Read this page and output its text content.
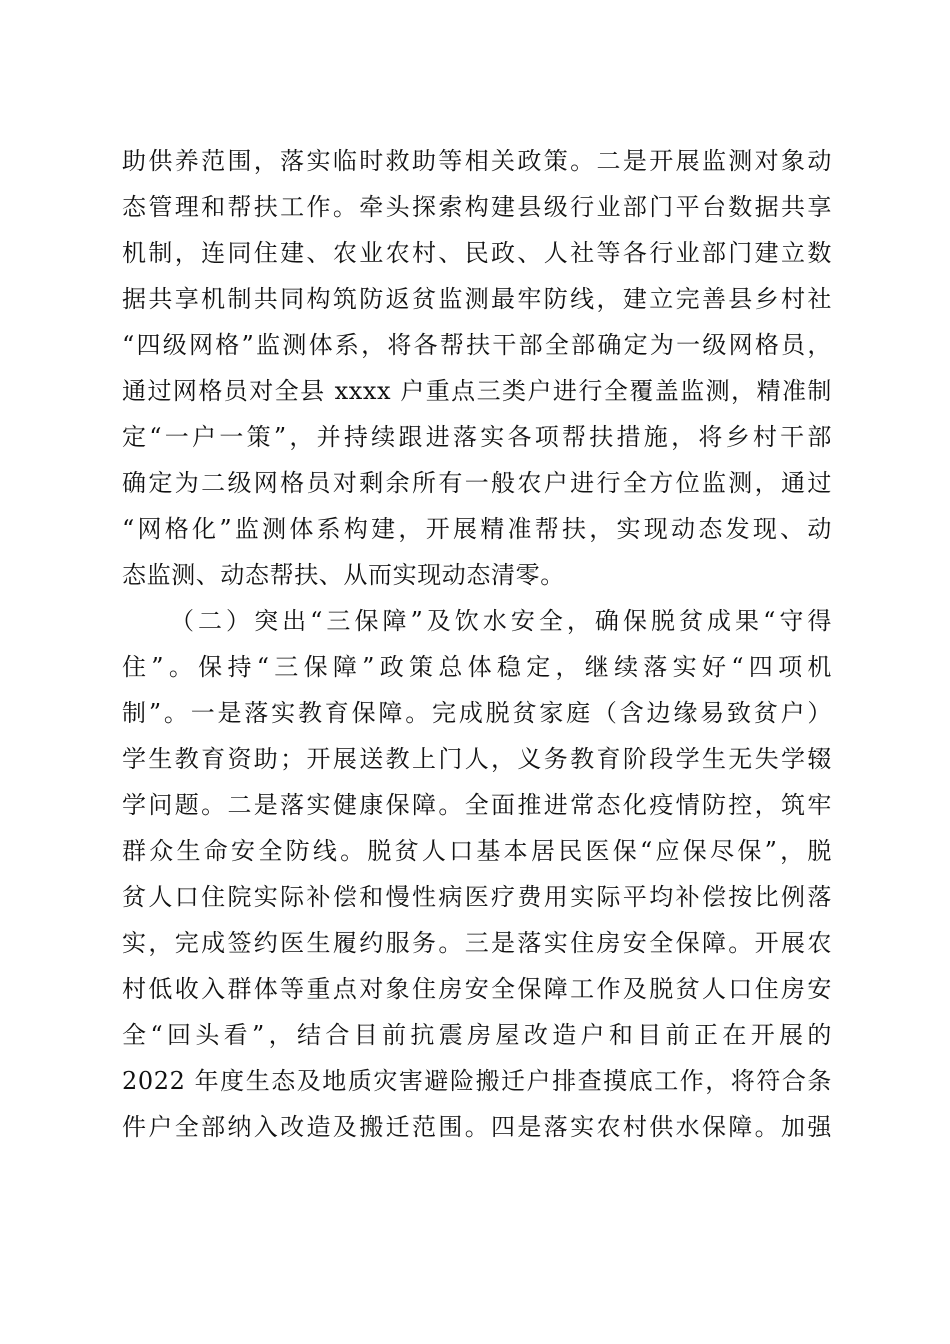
助供养范围，落实临时救助等相关政策。二是开展监测对象动
态管理和帮扶工作。牵头探索构建县级行业部门平台数据共享
机制，连同住建、农业农村、民政、人社等各行业部门建立数
据共享机制共同构筑防返贫监测最牢防线，建立完善县乡村社
“四级网格”监测体系，将各帮扶干部全部确定为一级网格员，
通过网格员对全县 xxxx 户重点三类户进行全覆盖监测，精准制
定“一户一策”，并持续跟进落实各项帮扶措施，将乡村干部
确定为二级网格员对剩余所有一般农户进行全方位监测，通过
“网格化”监测体系构建，开展精准帮扶，实现动态发现、动
态监测、动态帮扶、从而实现动态清零。
（二）突出“三保障”及饮水安全，确保脱贫成果“守得
住”。保持“三保障”政策总体稳定，继续落实好“四项机
制”。一是落实教育保障。完成脱贫家庭（含边缘易致贫户）
学生教育资助；开展送教上门人，义务教育阶段学生无失学辍
学问题。二是落实健康保障。全面推进常态化疫情防控，筑牢
群众生命安全防线。脱贫人口基本居民医保“应保尽保”，脱
贫人口住院实际补偿和慢性病医疗费用实际平均补偿按比例落
实，完成签约医生履约服务。三是落实住房安全保障。开展农
村低收入群体等重点对象住房安全保障工作及脱贫人口住房安
全“回头看”，结合目前抗震房屋改造户和目前正在开展的
2022 年度生态及地质灾害避险搬迁户排查摸底工作，将符合条
件户全部纳入改造及搬迁范围。四是落实农村供水保障。加强
